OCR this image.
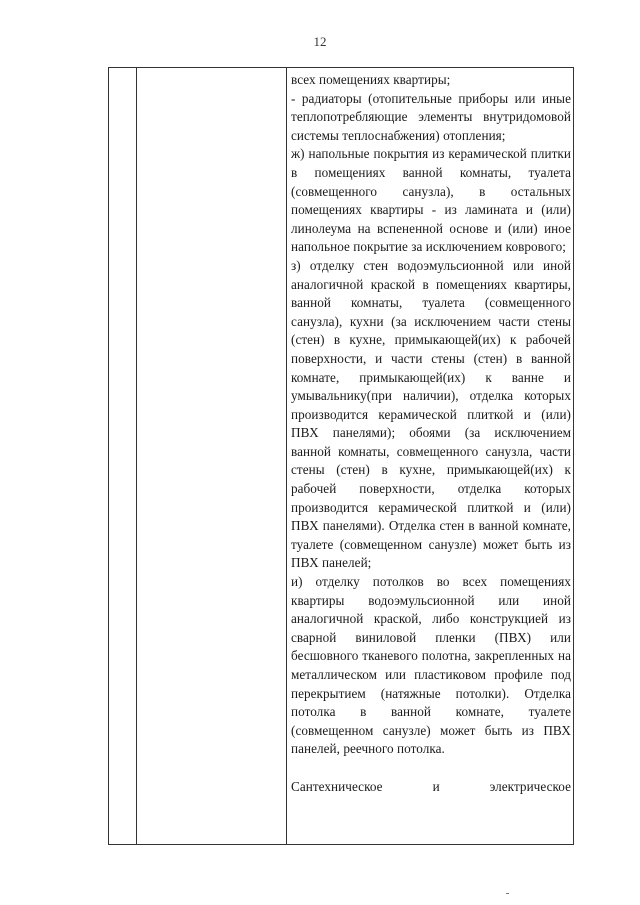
12

всех помещениях квартиры;

- радиаторы (отопительные приборы или иные теплопотребляющие элементы внутридомовой системы теплоснабжения) отопления;

ж) напольные покрытия из керамической плитки в помещениях ванной комнаты, туалета (совмещенного санузла), в остальных помещениях квартиры - из ламината и (или) линолеума на вспененной основе и (или) иное напольное покрытие за исключением коврового;

з) отделку стен водоэмульсионной или иной аналогичной краской в помещениях квартиры, ванной комнаты, туалета (совмещенного санузла), кухни (за исключением части стены (стен) в кухне, примыкающей(их) к рабочей поверхности, и части стены (стен) в ванной комнате, примыкающей(их) к ванне и умывальнику(при наличии), отделка которых производится керамической плиткой и (или) ПВХ панелями); обоями (за исключением ванной комнаты, совмещенного санузла, части стены (стен) в кухне, примыкающей(их) к рабочей поверхности, отделка которых производится керамической плиткой и (или) ПВХ панелями). Отделка стен в ванной комнате, туалете (совмещенном санузле) может быть из ПВХ панелей;

и) отделку потолков во всех помещениях квартиры водоэмульсионной или иной аналогичной краской, либо конструкцией из сварной виниловой пленки (ПВХ) или бесшовного тканевого полотна, закрепленных на металлическом или пластиковом профиле под перекрытием (натяжные потолки). Отделка потолка в ванной комнате, туалете (совмещенном санузле) может быть из ПВХ панелей, реечного потолка.

Сантехническое и электрическое
